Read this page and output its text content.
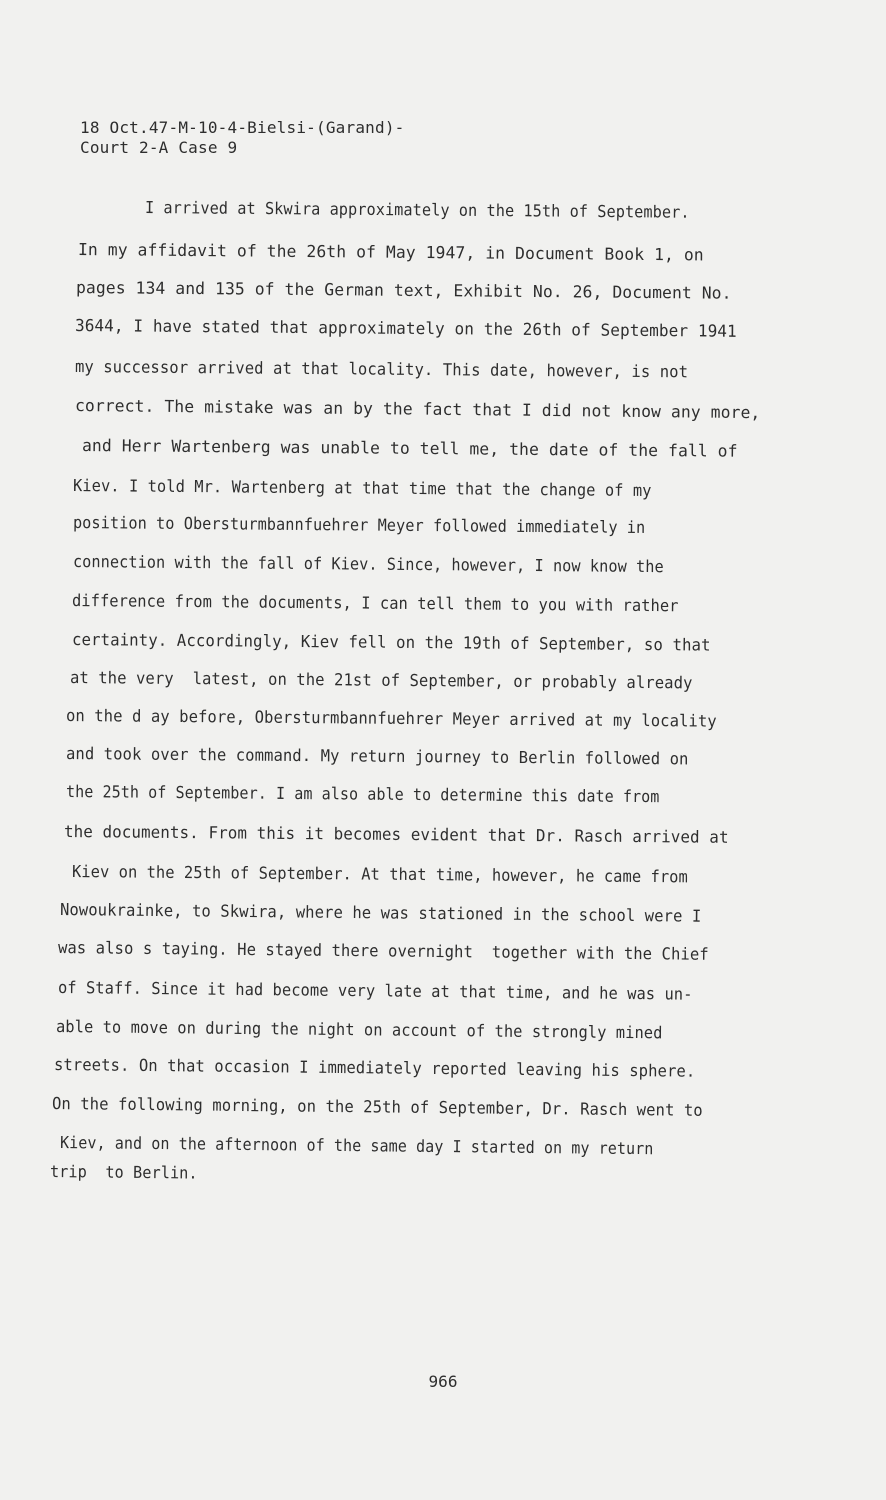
18 Oct.47-M-10-4-Bielsi-(Garand)-
Court 2-A Case 9
I arrived at Skwira approximately on the 15th of September.
In my affidavit of the 26th of May 1947, in Document Book 1, on
pages 134 and 135 of the German text, Exhibit No. 26, Document No.
3644, I have stated that approximately on the 26th of September 1941
my successor arrived at that locality. This date, however, is not
correct. The mistake was an by the fact that I did not know any more,
and Herr Wartenberg was unable to tell me, the date of the fall of
Kiev. I told Mr. Wartenberg at that time that the change of my
position to Obersturmbannfuehrer Meyer followed immediately in
connection with the fall of Kiev. Since, however, I now know the
difference from the documents, I can tell them to you with rather
certainty. Accordingly, Kiev fell on the 19th of September, so that
at the very  latest, on the 21st of September, or probably already
on the d ay before, Obersturmbannfuehrer Meyer arrived at my locality
and took over the command. My return journey to Berlin followed on
the 25th of September. I am also able to determine this date from
the documents. From this it becomes evident that Dr. Rasch arrived at
Kiev on the 25th of September. At that time, however, he came from
Nowoukrainke, to Skwira, where he was stationed in the school were I
was also s taying. He stayed there overnight  together with the Chief
of Staff. Since it had become very late at that time, and he was un-
able to move on during the night on account of the strongly mined
streets. On that occasion I immediately reported leaving his sphere.
On the following morning, on the 25th of September, Dr. Rasch went to
Kiev, and on the afternoon of the same day I started on my return
trip  to Berlin.
966
